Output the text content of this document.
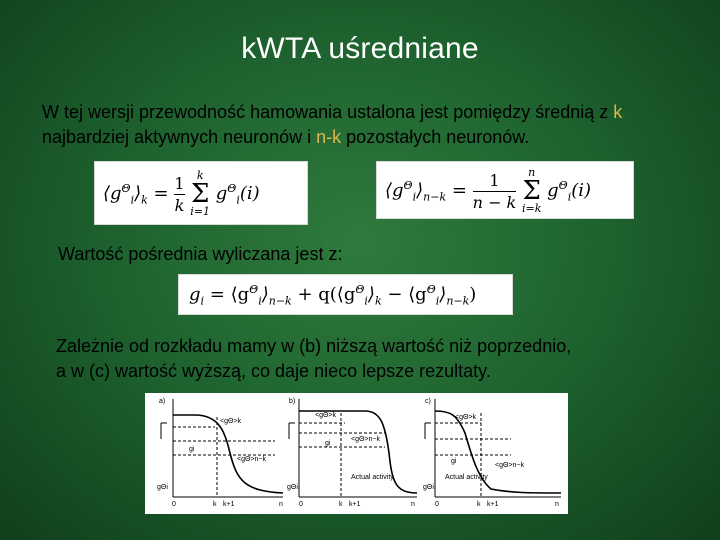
kWTA uśredniane
W tej wersji przewodność hamowania ustalona jest pomiędzy średnią z k
najbardziej aktywnych neuronów i n-k pozostałych neuronów.
$⟨g^\Theta_i⟩_k = \frac{1}{k}$
	k
Σ
i=1
$g^\Theta_i(i)$	$⟨g^\Theta_i⟩_{n-k} = \frac{1}{n - k}$
	n
Σ
i=k
$g^\Theta_i(i)$
Wartość pośrednia wyliczana jest z:
$g_i$ = $⟨g^\Theta_i⟩_{n-k}$ + $q(⟨g^\Theta_i⟩_k$ − $⟨g^\Theta_i⟩_{n-k}$)
Zależnie od rozkładu mamy w (b) niższą wartość niż poprzednio,
a w (c) wartość wyższą, co daje nieco lepsze rezultaty.
a)
<gΘ>k
gi
<gΘ>n−k
gΘi
0	k k+1	n
b)
<gΘ>k
gi
<gΘ>n−k
Actual activity
gΘi
0	k k+1	n
c)
<gΘ>k
gi
<gΘ>n−k
Actual activity
gΘi
0	k k+1	n
